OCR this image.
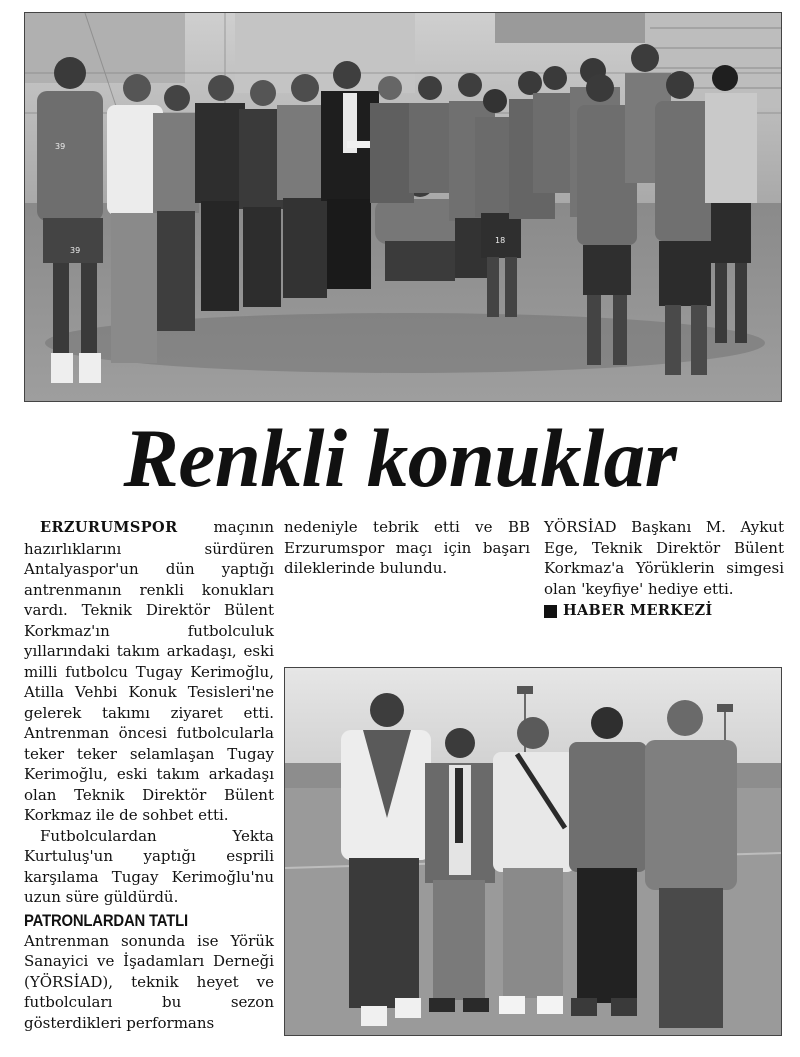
39
39
18
Renkli konuklar

ERZURUMSPOR maçının hazırlıklarını sürdüren Antalyaspor'un dün yaptığı antrenmanın renkli konukları vardı. Teknik Direktör Bülent Korkmaz'ın futbolculuk yıllarındaki takım arkadaşı, eski milli futbolcu Tugay Kerimoğlu, Atilla Vehbi Konuk Tesisleri'ne gelerek takımı ziyaret etti. Antrenman öncesi futbolcularla teker teker selamlaşan Tugay Kerimoğlu, eski takım arkadaşı olan Teknik Direktör Bülent Korkmaz ile de sohbet etti.

Futbolculardan Yekta Kurtuluş'un yaptığı esprili karşılama Tugay Kerimoğlu'nu uzun süre güldürdü.

PATRONLARDAN TATLI

Antrenman sonunda ise Yörük Sanayici ve İşadamları Derneği (YÖRSİAD), teknik heyet ve futbolcuları bu sezon gösterdikleri performans

nedeniyle tebrik etti ve BB Erzurumspor maçı için başarı dileklerinde bulundu.

YÖRSİAD Başkanı M. Aykut Ege, Teknik Direktör Bülent Korkmaz'a Yörüklerin simgesi olan 'keyfiye' hediye etti.

HABER MERKEZİ
